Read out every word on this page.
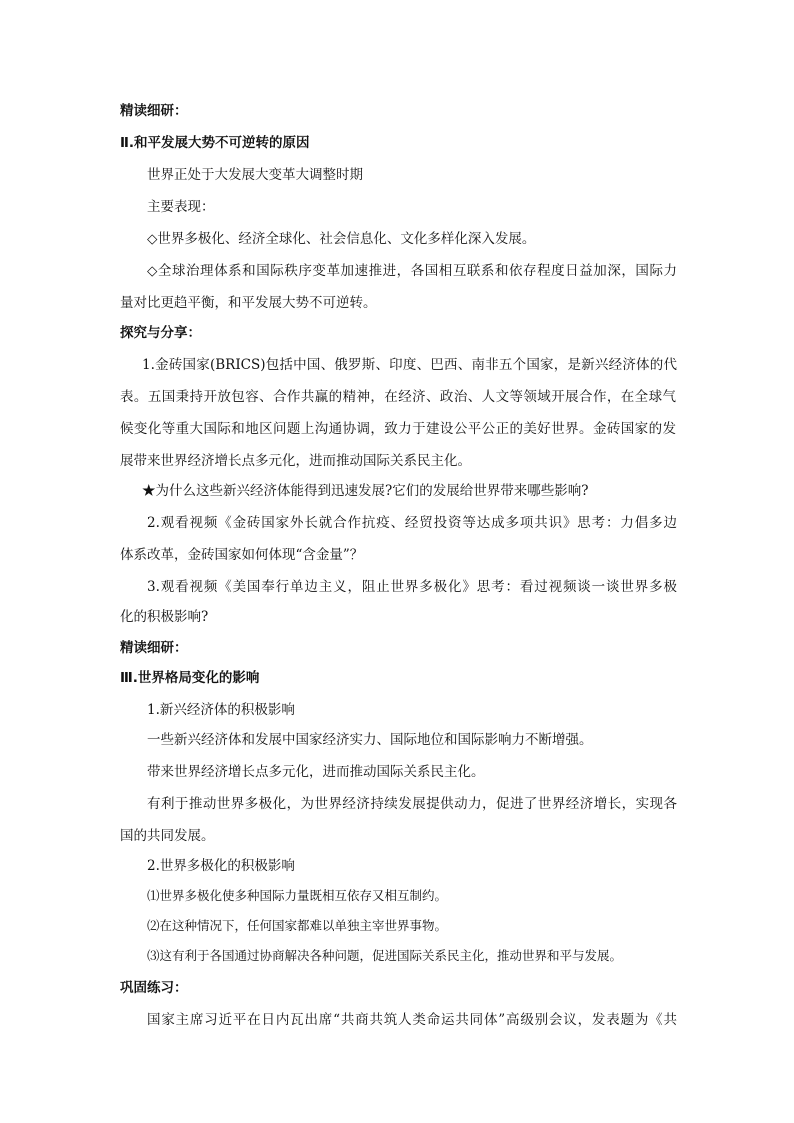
精读细研：

Ⅱ.和平发展大势不可逆转的原因

世界正处于大发展大变革大调整时期

主要表现：

◇世界多极化、经济全球化、社会信息化、文化多样化深入发展。

◇全球治理体系和国际秩序变革加速推进，各国相互联系和依存程度日益加深，国际力

量对比更趋平衡，和平发展大势不可逆转。

探究与分享：

1.金砖国家(BRICS)包括中国、俄罗斯、印度、巴西、南非五个国家，是新兴经济体的代

表。五国秉持开放包容、合作共赢的精神，在经济、政治、人文等领域开展合作，在全球气

候变化等重大国际和地区问题上沟通协调，致力于建设公平公正的美好世界。金砖国家的发

展带来世界经济增长点多元化，进而推动国际关系民主化。

★为什么这些新兴经济体能得到迅速发展?它们的发展给世界带来哪些影响?

2.观看视频《金砖国家外长就合作抗疫、经贸投资等达成多项共识》思考：力倡多边

体系改革，金砖国家如何体现“含金量”？

3.观看视频《美国奉行单边主义，阻止世界多极化》思考：看过视频谈一谈世界多极

化的积极影响?

精读细研：

Ⅲ.世界格局变化的影响

1.新兴经济体的积极影响

一些新兴经济体和发展中国家经济实力、国际地位和国际影响力不断增强。

带来世界经济增长点多元化，进而推动国际关系民主化。

有利于推动世界多极化，为世界经济持续发展提供动力，促进了世界经济增长，实现各

国的共同发展。

2.世界多极化的积极影响

⑴世界多极化使多种国际力量既相互依存又相互制约。

⑵在这种情况下，任何国家都难以单独主宰世界事物。

⑶这有利于各国通过协商解决各种问题，促进国际关系民主化，推动世界和平与发展。

巩固练习：

国家主席习近平在日内瓦出席“共商共筑人类命运共同体”高级别会议，发表题为《共
